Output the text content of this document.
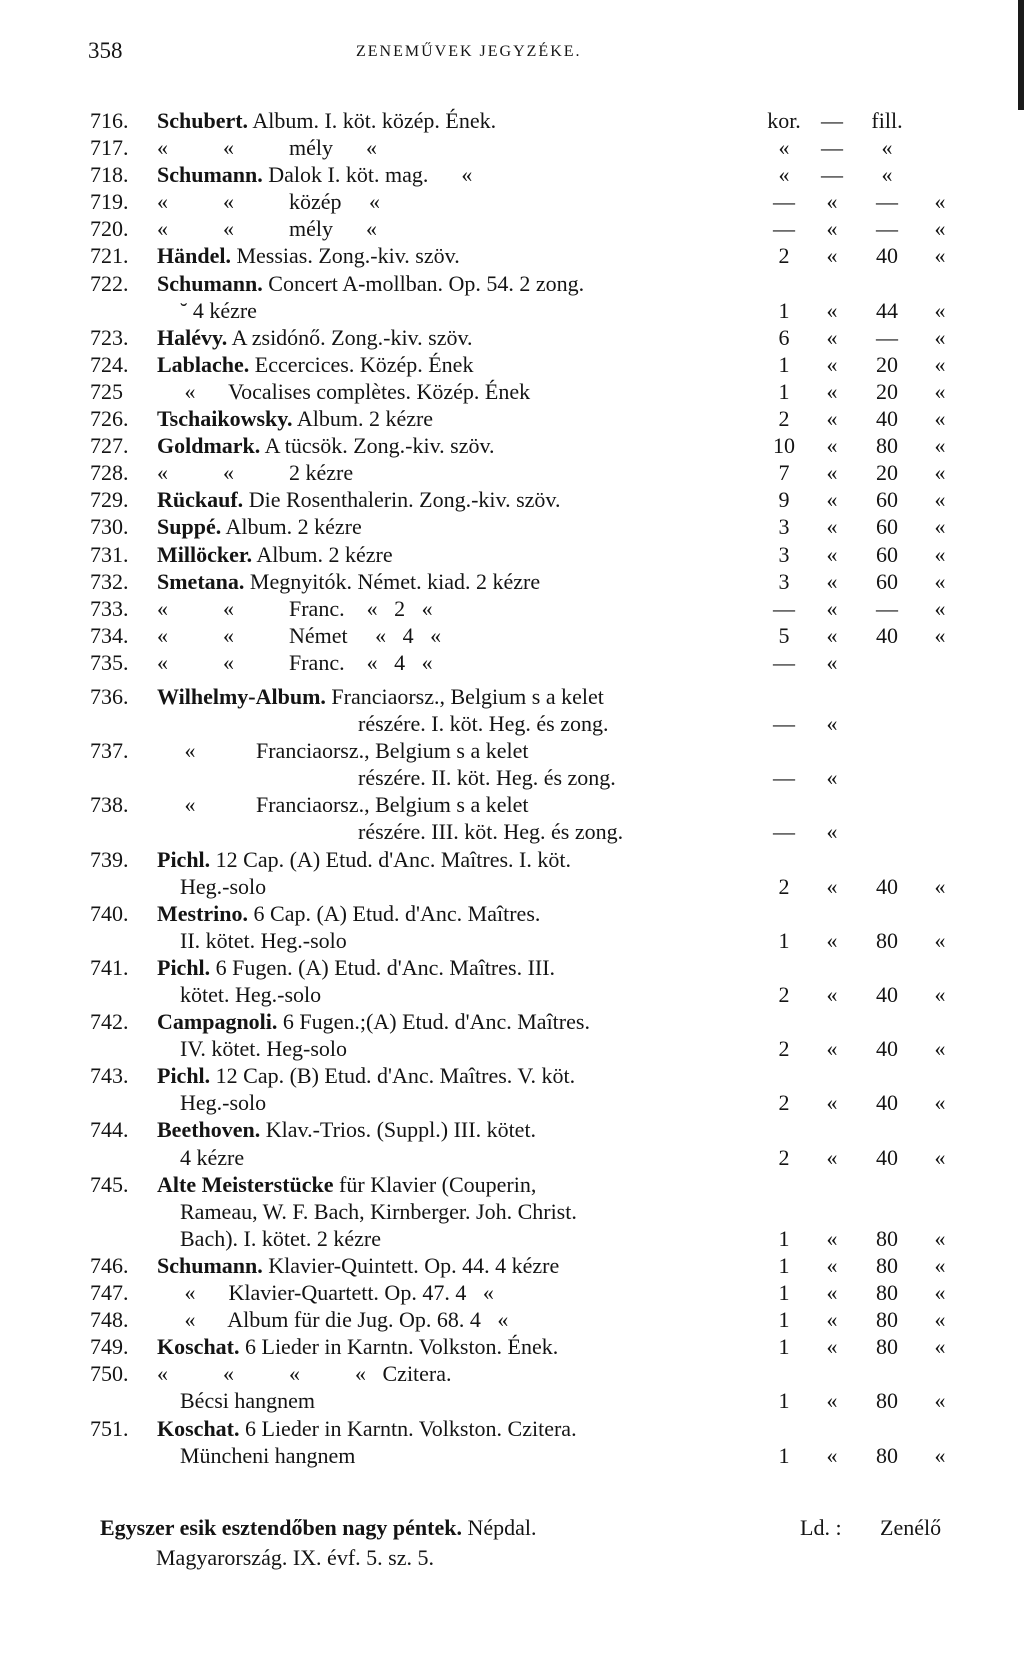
358	ZENEMŰVEK JEGYZÉKE.
716. Schubert. Album. I. köt. közép. Ének.	kor. —	fill.
717. «          «          mély      «	«	—	«
718. Schumann. Dalok I. köt. mag.      «	«	—	«
719. «          «          közép     «	—	«	—	«
720. «          «          mély      «	—	«	—	«
721. Händel. Messias. Zong.-kiv. szöv.	2	«	40	«
722. Schumann. Concert A-mollban. Op. 54. 2 zong.
˘ 4 kézre	1	«	44	«
723. Halévy. A zsidónő. Zong.-kiv. szöv.	6	«	—	«
724. Lablache. Eccercices. Közép. Ének	1	«	20	«
725 «      Vocalises complètes. Közép. Ének	1	«	20	«
726. Tschaikowsky. Album. 2 kézre	2	«	40	«
727. Goldmark. A tücsök. Zong.-kiv. szöv.	10	«	80	«
728. «          «          2 kézre	7	«	20	«
729. Rückauf. Die Rosenthalerin. Zong.-kiv. szöv.	9	«	60	«
730. Suppé. Album. 2 kézre	3	«	60	«
731. Millöcker. Album. 2 kézre	3	«	60	«
732. Smetana. Megnyitók. Német. kiad. 2 kézre	3	«	60	«
733. «          «          Franc.    «   2   «	—	«	—	«
734. «          «          Német     «   4   «	5	«	40	«
735. «          «          Franc.    «   4   «	—	«
736. Wilhelmy-Album. Franciaorsz., Belgium s a kelet
részére. I. köt. Heg. és zong.	—	«
737. «           Franciaorsz., Belgium s a kelet
részére. II. köt. Heg. és zong.	—	«
738. «           Franciaorsz., Belgium s a kelet
részére. III. köt. Heg. és zong.	—	«
739. Pichl. 12 Cap. (A) Etud. d'Anc. Maîtres. I. köt.
Heg.-solo	2	«	40	«
740. Mestrino. 6 Cap. (A) Etud. d'Anc. Maîtres.
II. kötet. Heg.-solo	1	«	80	«
741. Pichl. 6 Fugen. (A) Etud. d'Anc. Maîtres. III.
kötet. Heg.-solo	2	«	40	«
742. Campagnoli. 6 Fugen.;(A) Etud. d'Anc. Maîtres.
IV. kötet. Heg-solo	2	«	40	«
743. Pichl. 12 Cap. (B) Etud. d'Anc. Maîtres. V. köt.
Heg.-solo	2	«	40	«
744. Beethoven. Klav.-Trios. (Suppl.) III. kötet.
4 kézre	2	«	40	«
745. Alte Meisterstücke für Klavier (Couperin,
Rameau, W. F. Bach, Kirnberger. Joh. Christ.
Bach). I. kötet. 2 kézre	1	«	80	«
746. Schumann. Klavier-Quintett. Op. 44. 4 kézre	1	«	80	«
747. «      Klavier-Quartett. Op. 47. 4   «	1	«	80	«
748. «      Album für die Jug. Op. 68. 4   «	1	«	80	«
749. Koschat. 6 Lieder in Karntn. Volkston. Ének.	1	«	80	«
750. «          «          «          «   Czitera.
Bécsi hangnem	1	«	80	«
751. Koschat. 6 Lieder in Karntn. Volkston. Czitera.
Müncheni hangnem	1	«	80	«
Egyszer esik esztendőben nagy péntek. Népdal.	Ld. : Zenélő
Magyarország. IX. évf. 5. sz. 5.
